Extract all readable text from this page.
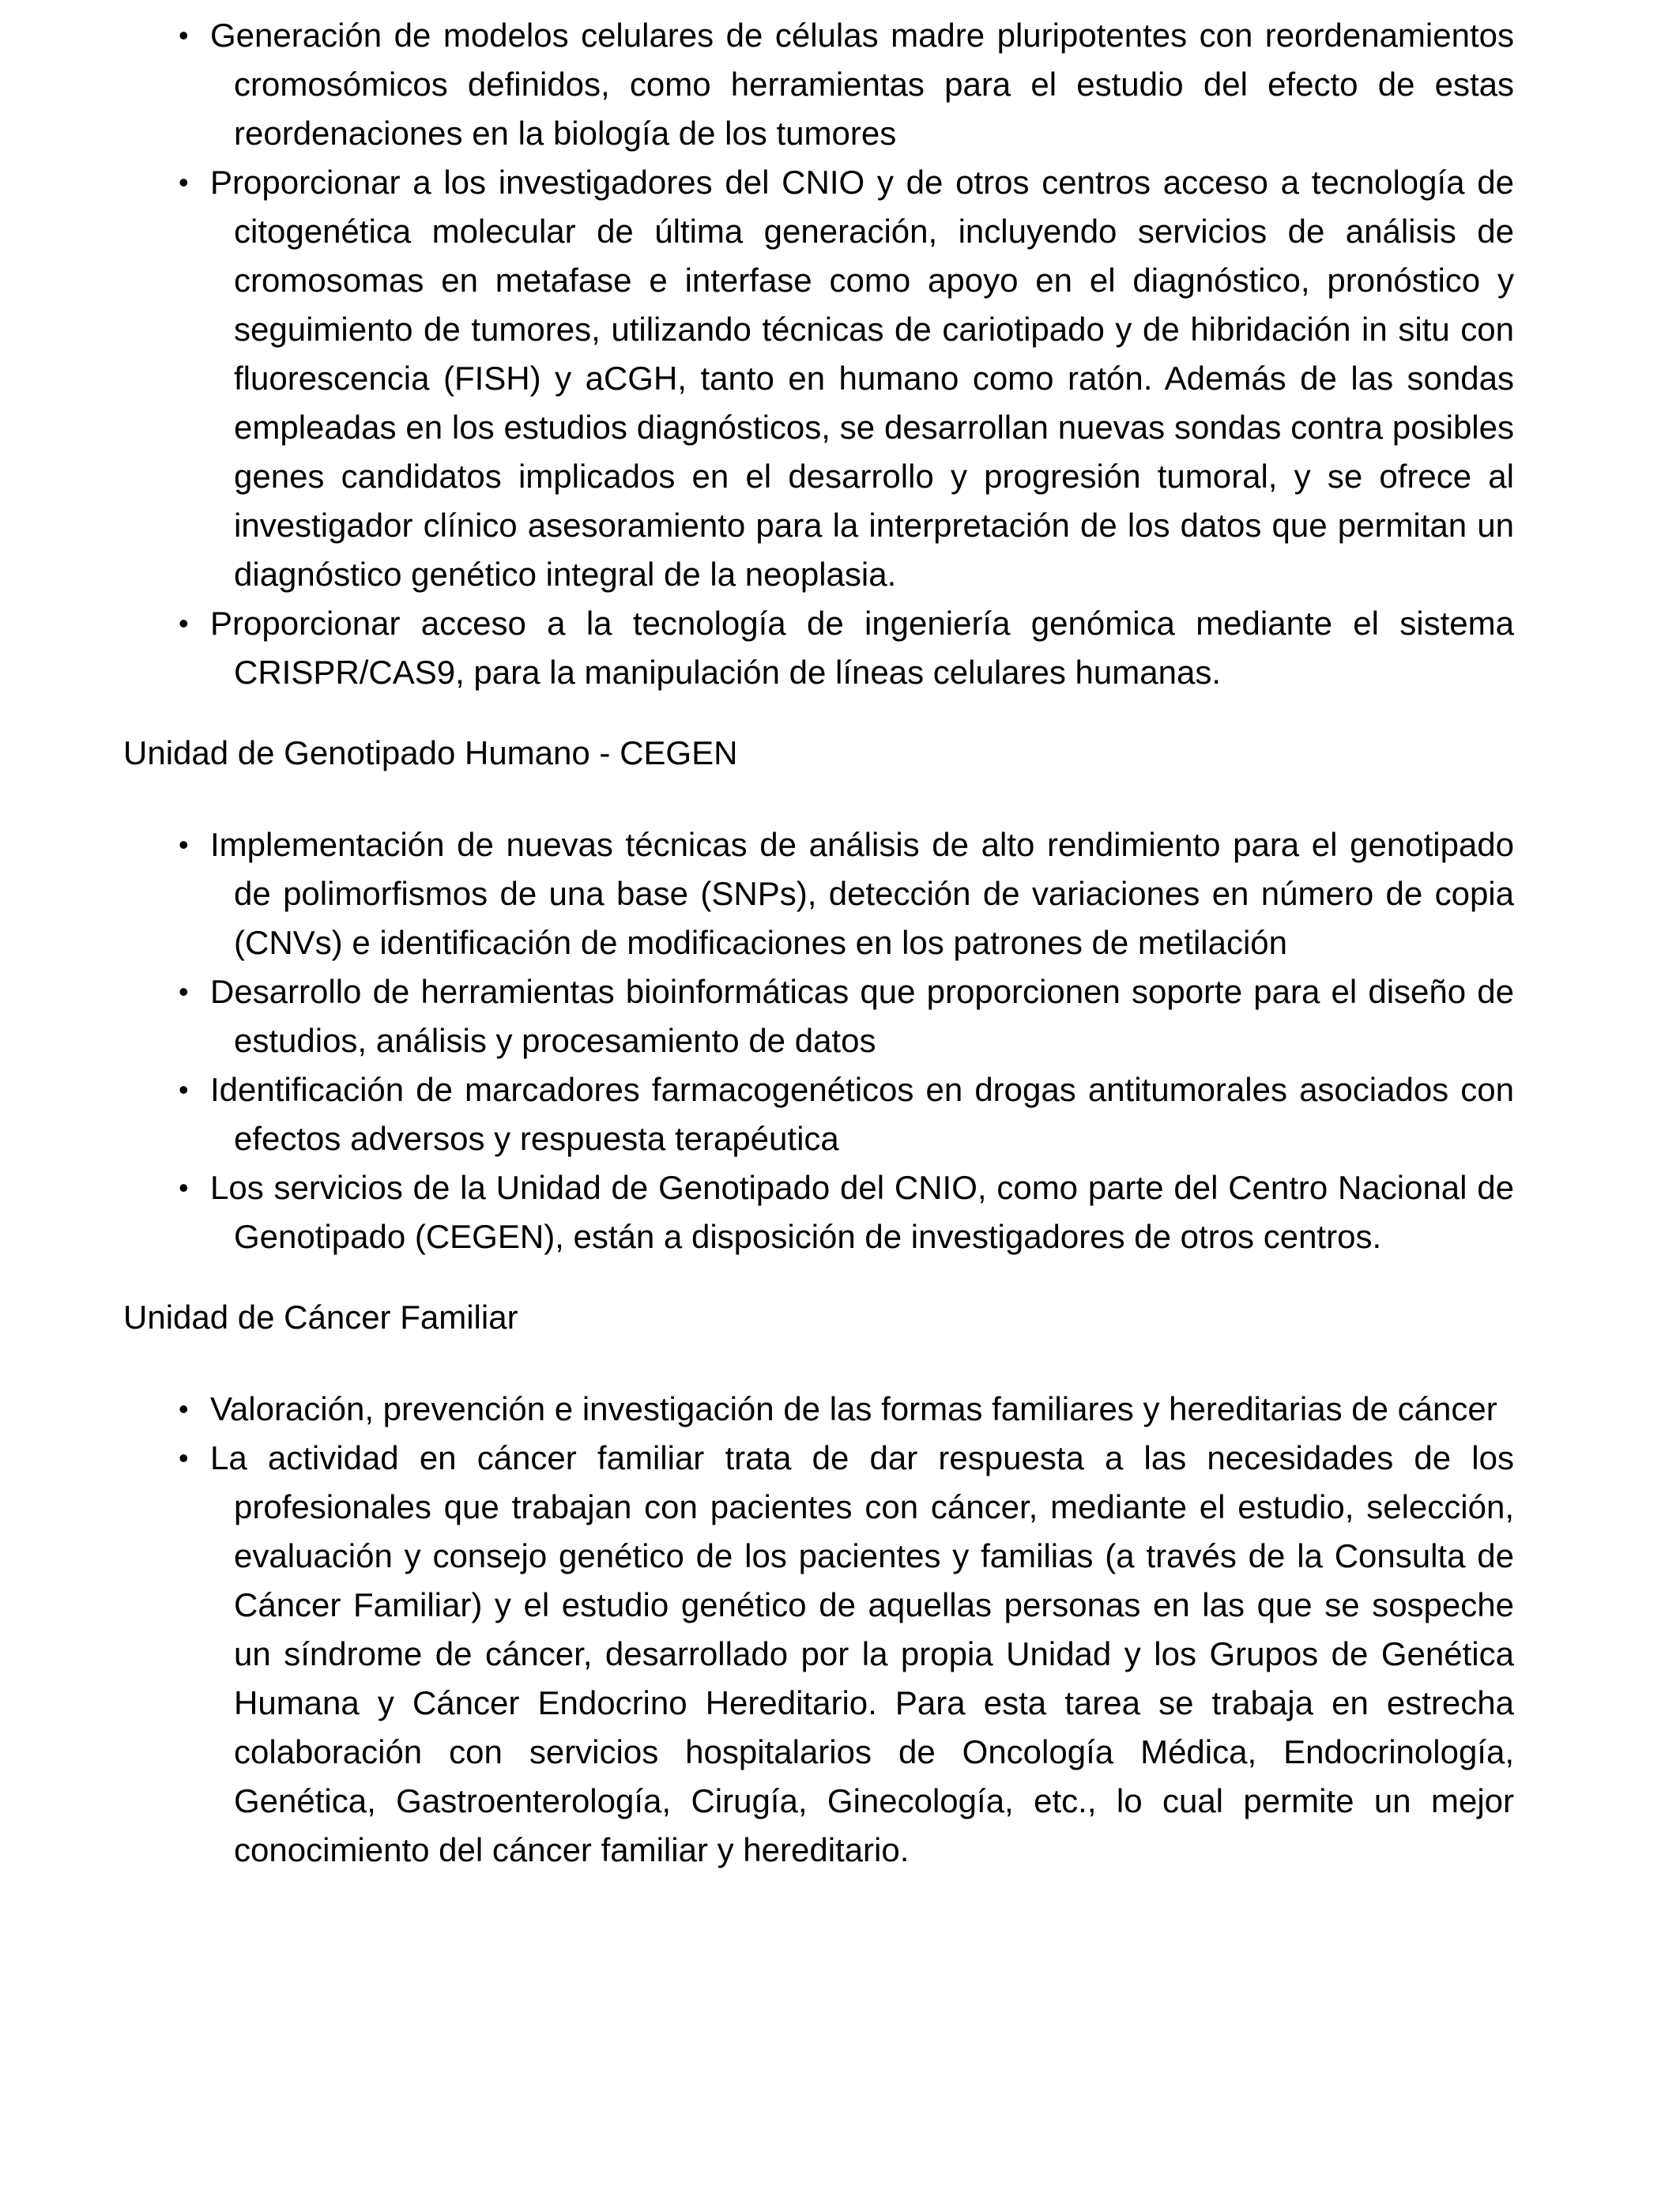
• Generación de modelos celulares de células madre pluripotentes con reordenamientos cromosómicos definidos, como herramientas para el estudio del efecto de estas reordenaciones en la biología de los tumores
• Proporcionar a los investigadores del CNIO y de otros centros acceso a tecnología de citogenética molecular de última generación, incluyendo servicios de análisis de cromosomas en metafase e interfase como apoyo en el diagnóstico, pronóstico y seguimiento de tumores, utilizando técnicas de cariotipado y de hibridación in situ con fluorescencia (FISH) y aCGH, tanto en humano como ratón. Además de las sondas empleadas en los estudios diagnósticos, se desarrollan nuevas sondas contra posibles genes candidatos implicados en el desarrollo y progresión tumoral, y se ofrece al investigador clínico asesoramiento para la interpretación de los datos que permitan un diagnóstico genético integral de la neoplasia.
• Proporcionar acceso a la tecnología de ingeniería genómica mediante el sistema CRISPR/CAS9, para la manipulación de líneas celulares humanas.

Unidad de Genotipado Humano - CEGEN

• Implementación de nuevas técnicas de análisis de alto rendimiento para el genotipado de polimorfismos de una base (SNPs), detección de variaciones en número de copia (CNVs) e identificación de modificaciones en los patrones de metilación
• Desarrollo de herramientas bioinformáticas que proporcionen soporte para el diseño de estudios, análisis y procesamiento de datos
• Identificación de marcadores farmacogenéticos en drogas antitumorales asociados con efectos adversos y respuesta terapéutica
• Los servicios de la Unidad de Genotipado del CNIO, como parte del Centro Nacional de Genotipado (CEGEN), están a disposición de investigadores de otros centros.

Unidad de Cáncer Familiar

• Valoración, prevención e investigación de las formas familiares y hereditarias de cáncer
• La actividad en cáncer familiar trata de dar respuesta a las necesidades de los profesionales que trabajan con pacientes con cáncer, mediante el estudio, selección, evaluación y consejo genético de los pacientes y familias (a través de la Consulta de Cáncer Familiar) y el estudio genético de aquellas personas en las que se sospeche un síndrome de cáncer, desarrollado por la propia Unidad y los Grupos de Genética Humana y Cáncer Endocrino Hereditario. Para esta tarea se trabaja en estrecha colaboración con servicios hospitalarios de Oncología Médica, Endocrinología, Genética, Gastroenterología, Cirugía, Ginecología, etc., lo cual permite un mejor conocimiento del cáncer familiar y hereditario.
